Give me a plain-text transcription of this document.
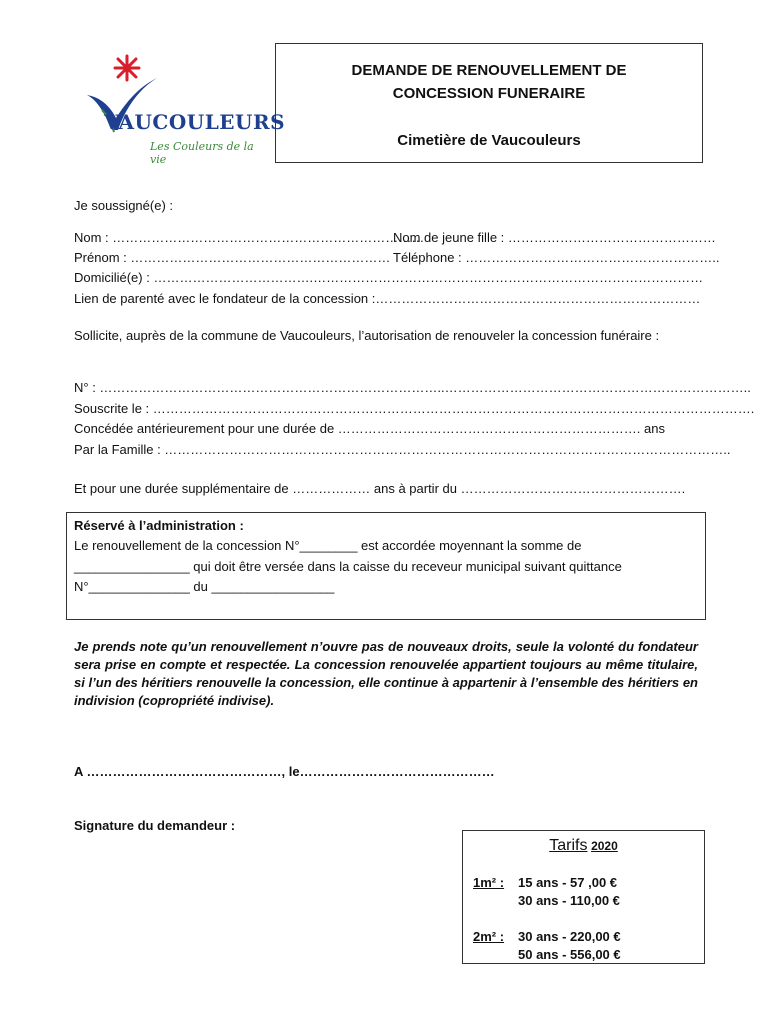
VAUCOULEURS
Les Couleurs de la vie
DEMANDE DE RENOUVELLEMENT DE
CONCESSION FUNERAIRE
Cimetière de Vaucouleurs
Je soussigné(e) :
Nom : ………………………………………………………………
Nom de jeune fille : …………………………………………
Prénom : …………………………………………………… Téléphone : …………………………………………………..
Domicilié(e) : ……………………………….………………………………………………………………………………
Lien de parenté avec le fondateur de la concession :…………………………………………………………………
Sollicite, auprès de la commune de Vaucouleurs, l’autorisation de renouveler la concession funéraire :
N° : ……………………………………………………………………..……………………………………………………………..
Souscrite le : ………………………………………………………………………………………………………………………….
Concédée antérieurement pour une durée de ……………………………………………………………. ans
Par la Famille : …………………………………………………………………………………………………………………..
Et pour une durée supplémentaire de ……………… ans à partir du …………………………………………….
Réservé à l’administration :
Le renouvellement de la concession N°________ est accordée moyennant la somme de
________________ qui doit être versée dans la caisse du receveur municipal suivant quittance
N°______________ du _________________
Je prends note qu’un renouvellement n’ouvre pas de nouveaux droits, seule la volonté du fondateur sera prise en compte et respectée. La concession renouvelée appartient toujours au même titulaire, si l’un des héritiers renouvelle la concession, elle continue à appartenir à l’ensemble des héritiers en indivision (copropriété indivise).
A ………………………………………, le………………………………………
Signature du demandeur :
Tarifs 2020
1m² : 15 ans - 57 ,00 €
30 ans - 110,00 €
2m² : 30 ans - 220,00 €
50 ans - 556,00 €
